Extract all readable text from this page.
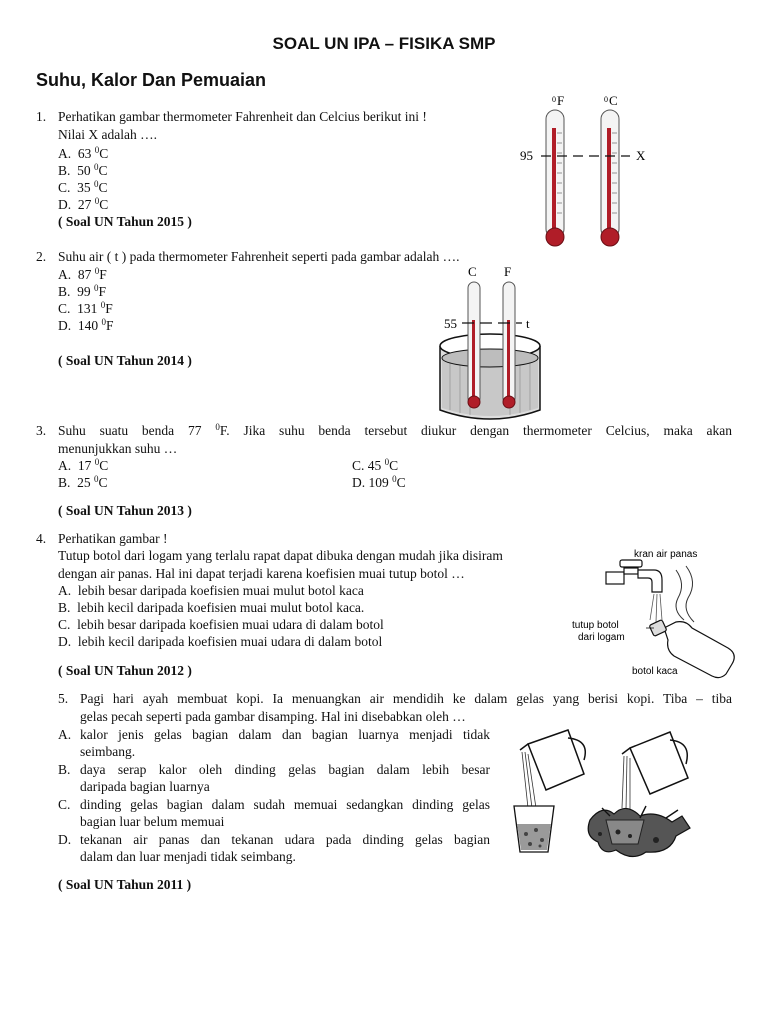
SOAL UN IPA – FISIKA SMP
Suhu, Kalor Dan Pemuaian
1. Perhatikan gambar thermometer Fahrenheit dan Celcius berikut ini !
Nilai X adalah ….
A. 63 $^0$C
B. 50 $^0$C
C. 35 $^0$C
D. 27 $^0$C
( Soal UN Tahun 2015 )
0 F	0 C
95	X
2. Suhu air ( t ) pada thermometer Fahrenheit seperti pada gambar adalah ….
A. 87 $^0$F
B. 99 $^0$F
C. 131 $^0$F
D. 140 $^0$F
( Soal UN Tahun 2014 )
C F
55	t
3. Suhu suatu benda 77 $^0$F. Jika suhu benda tersebut diukur dengan thermometer Celcius, maka akan
menunjukkan suhu …
A. 17 $^0$C
B. 25 $^0$C
C. 45 $^0$C
D. 109 $^0$C
( Soal UN Tahun 2013 )
4. Perhatikan gambar !
Tutup botol dari logam yang terlalu rapat dapat dibuka dengan mudah jika disiram
dengan air panas. Hal ini dapat terjadi karena koefisien muai tutup botol …
A. lebih besar daripada koefisien muai mulut botol kaca
B. lebih kecil daripada koefisien muai mulut botol kaca.
C. lebih besar daripada koefisien muai udara di dalam botol
D. lebih kecil daripada koefisien muai udara di dalam botol
( Soal UN Tahun 2012 )
kran air panas
tutup botol
dari logam
botol kaca
5. Pagi hari ayah membuat kopi. Ia menuangkan air mendidih ke dalam gelas yang berisi kopi. Tiba – tiba
gelas pecah seperti pada gambar disamping. Hal ini disebabkan oleh …
A. kalor jenis gelas bagian dalam dan bagian luarnya menjadi tidak
seimbang.
B. daya serap kalor oleh dinding gelas bagian dalam lebih besar
daripada bagian luarnya
C. dinding gelas bagian dalam sudah memuai sedangkan dinding gelas
bagian luar belum memuai
D. tekanan air panas dan tekanan udara pada dinding gelas bagian
dalam dan luar menjadi tidak seimbang.
( Soal UN Tahun 2011 )
